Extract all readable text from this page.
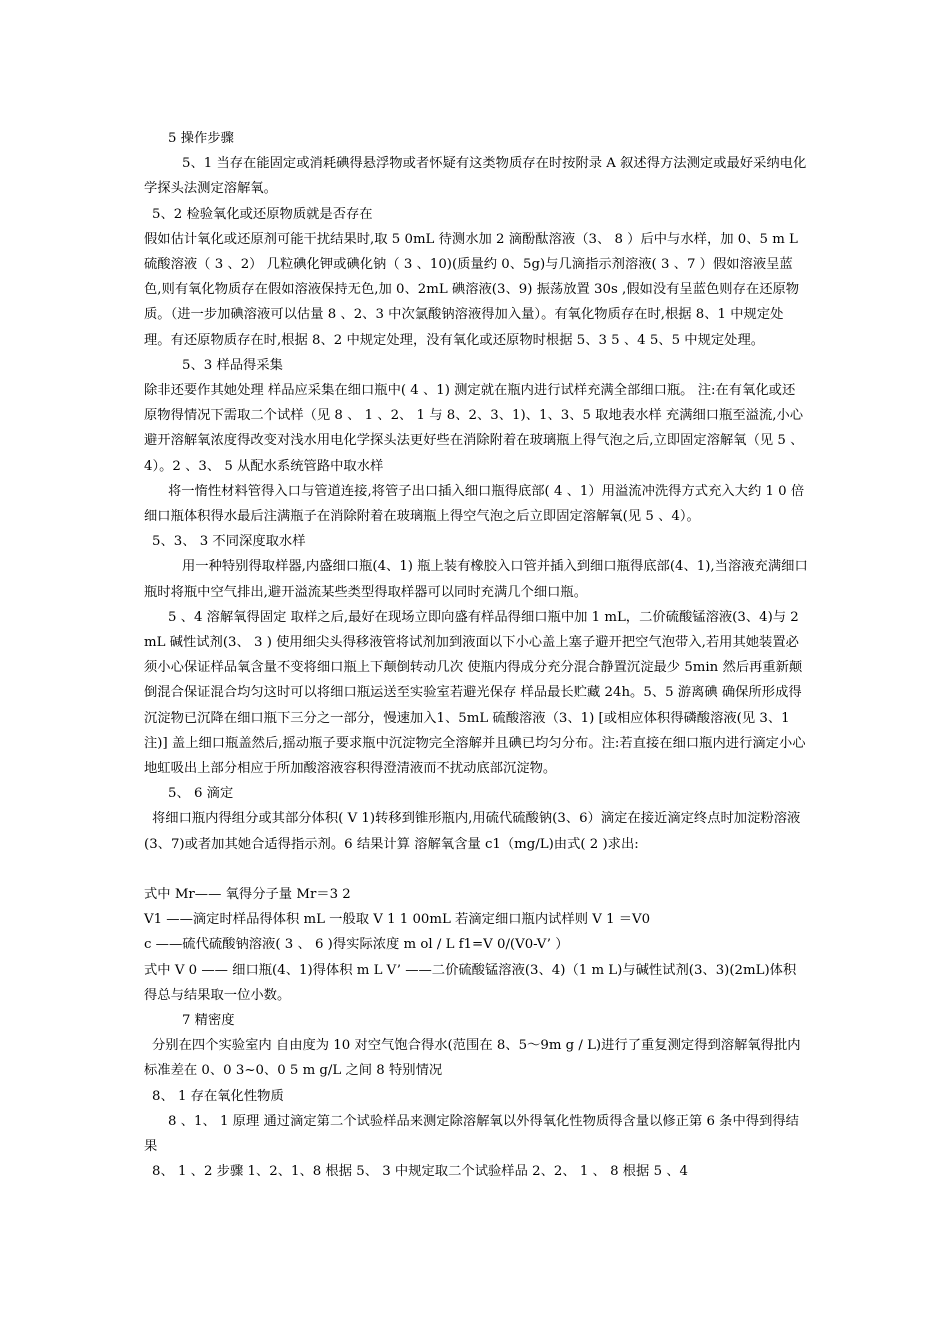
5 操作步骤

5、1 当存在能固定或消耗碘得悬浮物或者怀疑有这类物质存在时按附录 A 叙述得方法测定或最好采纳电化学探头法测定溶解氧。

5、2 检验氧化或还原物质就是否存在

假如估计氧化或还原剂可能干扰结果时,取 5 0mL 待测水加 2 滴酚酞溶液（3、 8 ）后中与水样，加 0、5 m L 硫酸溶液（ 3 、2） 几粒碘化钾或碘化钠（ 3 、10)(质量约 0、5g)与几滴指示剂溶液( 3 、7 ）假如溶液呈蓝色,则有氧化物质存在假如溶液保持无色,加 0、2mL 碘溶液(3、9) 振荡放置 30s ,假如没有呈蓝色则存在还原物质。（进一步加碘溶液可以估量 8 、2、3 中次氯酸钠溶液得加入量）。有氧化物质存在时,根据 8、1 中规定处理。有还原物质存在时,根据 8、2 中规定处理，没有氧化或还原物时根据 5、3 5 、4 5、5 中规定处理。

5、3 样品得采集

除非还要作其她处理 样品应采集在细口瓶中( 4 、1) 测定就在瓶内进行试样充满全部细口瓶。 注:在有氧化或还原物得情况下需取二个试样（见 8 、 1 、2、 1 与 8、2、3、1)、1、3、5 取地表水样 充满细口瓶至溢流,小心避开溶解氧浓度得改变对浅水用电化学探头法更好些在消除附着在玻璃瓶上得气泡之后,立即固定溶解氧（见 5 、4）。2 、3、 5 从配水系统管路中取水样

将一惰性材料管得入口与管道连接,将管子出口插入细口瓶得底部( 4 、1）用溢流冲洗得方式充入大约 1 0 倍细口瓶体积得水最后注满瓶子在消除附着在玻璃瓶上得空气泡之后立即固定溶解氧(见 5 、4）。

5、3、 3 不同深度取水样

用一种特别得取样器,内盛细口瓶(4、1) 瓶上装有橡胶入口管并插入到细口瓶得底部(4、1),当溶液充满细口瓶时将瓶中空气排出,避开溢流某些类型得取样器可以同时充满几个细口瓶。

5 、4 溶解氧得固定 取样之后,最好在现场立即向盛有样品得细口瓶中加 1 mL，二价硫酸锰溶液(3、4)与 2mL 碱性试剂(3、 3 ) 使用细尖头得移液管将试剂加到液面以下小心盖上塞子避开把空气泡带入,若用其她装置必须小心保证样品氧含量不变将细口瓶上下颠倒转动几次 使瓶内得成分充分混合静置沉淀最少 5min 然后再重新颠倒混合保证混合均匀这时可以将细口瓶运送至实验室若避光保存 样品最长贮藏 24h。5、5 游离碘 确保所形成得沉淀物已沉降在细口瓶下三分之一部分，慢速加入1、5mL 硫酸溶液（3、1) [或相应体积得磷酸溶液(见 3、1 注)] 盖上细口瓶盖然后,摇动瓶子要求瓶中沉淀物完全溶解并且碘已均匀分布。注:若直接在细口瓶内进行滴定小心地虹吸出上部分相应于所加酸溶液容积得澄清液而不扰动底部沉淀物。

5、 6 滴定

将细口瓶内得组分或其部分体积( V 1)转移到锥形瓶内,用硫代硫酸钠(3、6）滴定在接近滴定终点时加淀粉溶液(3、7)或者加其她合适得指示剂。6 结果计算 溶解氧含量 c1（mg/L)由式( 2 )求出:

式中 Mr—— 氧得分子量 Mr＝3 2

V1 ——滴定时样品得体积 mL 一般取 V 1 1 00mL 若滴定细口瓶内试样则 V 1 ＝V0

c ——硫代硫酸钠溶液( 3 、 6 )得实际浓度 m ol / L f1=V 0/(V0-V’ ）

式中 V 0 —— 细口瓶(4、1)得体积 m L V’ ——二价硫酸锰溶液(3、4)（1 m L)与碱性试剂(3、3)(2mL)体积得总与结果取一位小数。

7 精密度

分别在四个实验室内 自由度为 10 对空气饱合得水(范围在 8、5～9m g / L)进行了重复测定得到溶解氧得批内标准差在 0、0 3~0、0 5 m g/L 之间 8 特别情况

8、 1 存在氧化性物质

8 、1、 1 原理 通过滴定第二个试验样品来测定除溶解氧以外得氧化性物质得含量以修正第 6 条中得到得结果

8、 1 、2 步骤 1、2、1、8 根据 5、 3 中规定取二个试验样品 2、2、 1 、 8 根据 5 、4
